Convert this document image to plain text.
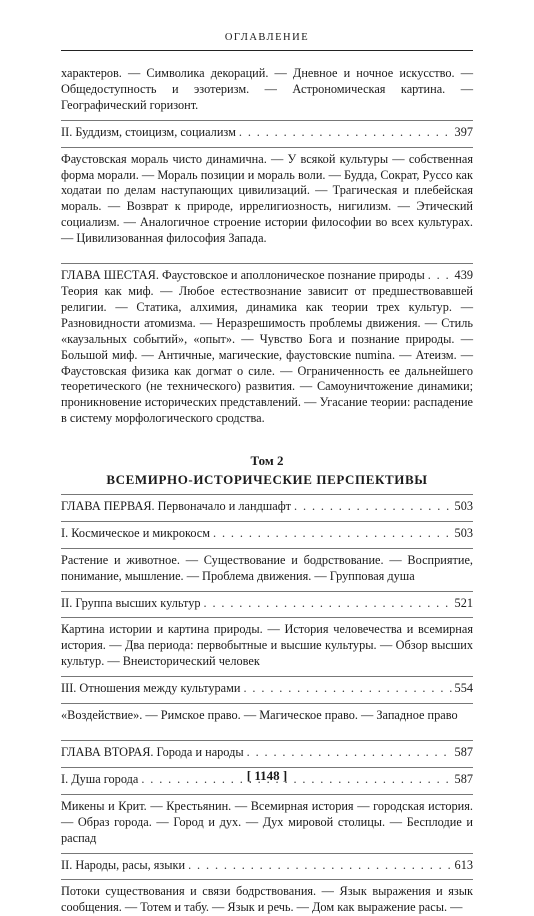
ОГЛАВЛЕНИЕ

характеров. — Символика декораций. — Дневное и ночное искусство. — Общедоступность и эзотеризм. — Астрономическая картина. — Географический горизонт.

II. Буддизм, стоицизм, социализм . . .	397

Фаустовская мораль чисто динамична. — У всякой культуры — собственная форма морали. — Мораль позиции и мораль воли. — Будда, Сократ, Руссо как ходатаи по делам наступающих цивилизаций. — Трагическая и плебейская мораль. — Возврат к природе, иррелигиозность, нигилизм. — Этический социализм. — Аналогичное строение истории философии во всех культурах. — Цивилизованная философия Запада.

ГЛАВА ШЕСТАЯ. Фаустовское и аполлоническое познание природы . . . 439

Теория как миф. — Любое естествознание зависит от предшествовавшей религии. — Статика, алхимия, динамика как теории трех культур. — Разновидности атомизма. — Неразрешимость проблемы движения. — Стиль «каузальных событий», «опыт». — Чувство Бога и познание природы. — Большой миф. — Античные, магические, фаустовские numina. — Атеизм. — Фаустовская физика как догмат о силе. — Ограниченность ее дальнейшего теоретического (не технического) развития. — Самоуничтожение динамики; проникновение исторических представлений. — Угасание теории: распадение в систему морфологического сродства.

Том 2
ВСЕМИРНО-ИСТОРИЧЕСКИЕ ПЕРСПЕКТИВЫ
ГЛАВА ПЕРВАЯ. Первоначало и ландшафт . . .	503
I. Космическое и микрокосм . . .	503

Растение и животное. — Существование и бодрствование. — Восприятие, понимание, мышление. — Проблема движения. — Групповая душа

II. Группа высших культур . . .	521

Картина истории и картина природы. — История человечества и всемирная история. — Два периода: первобытные и высшие культуры. — Обзор высших культур. — Внеисторический человек

III. Отношения между культурами . . .	554

«Воздействие». — Римское право. — Магическое право. — Западное право

ГЛАВА ВТОРАЯ. Города и народы . . .	587
I. Душа города . . .	587

Микены и Крит. — Крестьянин. — Всемирная история — городская история. — Образ города. — Город и дух. — Дух мировой столицы. — Бесплодие и распад

II. Народы, расы, языки . . .	613

Потоки существования и связи бодрствования. — Язык выражения и язык сообщения. — Тотем и табу. — Язык и речь. — Дом как выражение расы. —

[ 1148 ]
